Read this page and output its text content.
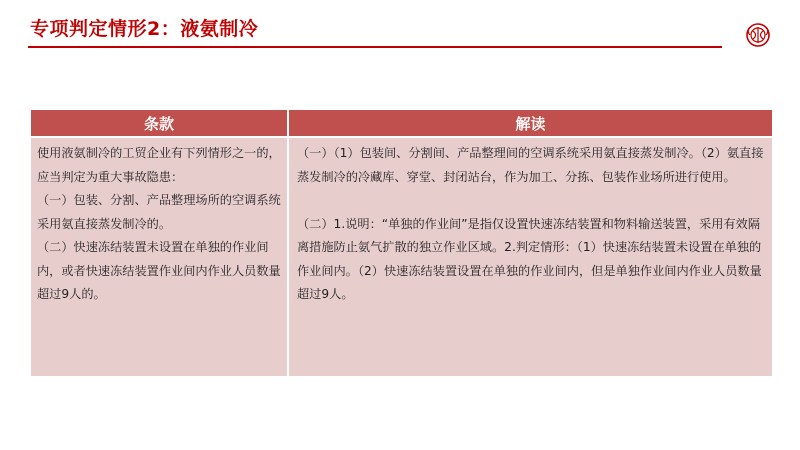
专项判定情形2：液氨制冷
条款	解读

使用液氨制冷的工贸企业有下列情形之一的，应当判定为重大事故隐患：

（一）包装、分割、产品整理场所的空调系统采用氨直接蒸发制冷的。

（二）快速冻结装置未设置在单独的作业间内，或者快速冻结装置作业间内作业人员数量超过9人的。

（一）（1）包装间、分割间、产品整理间的空调系统采用氨直接蒸发制冷。（2）氨直接蒸发制冷的冷藏库、穿堂、封闭站台，作为加工、分拣、包装作业场所进行使用。

（二）1.说明：“单独的作业间”是指仅设置快速冻结装置和物料输送装置，采用有效隔离措施防止氨气扩散的独立作业区域。2.判定情形：（1）快速冻结装置未设置在单独的作业间内。（2）快速冻结装置设置在单独的作业间内，但是单独作业间内作业人员数量超过9人。
